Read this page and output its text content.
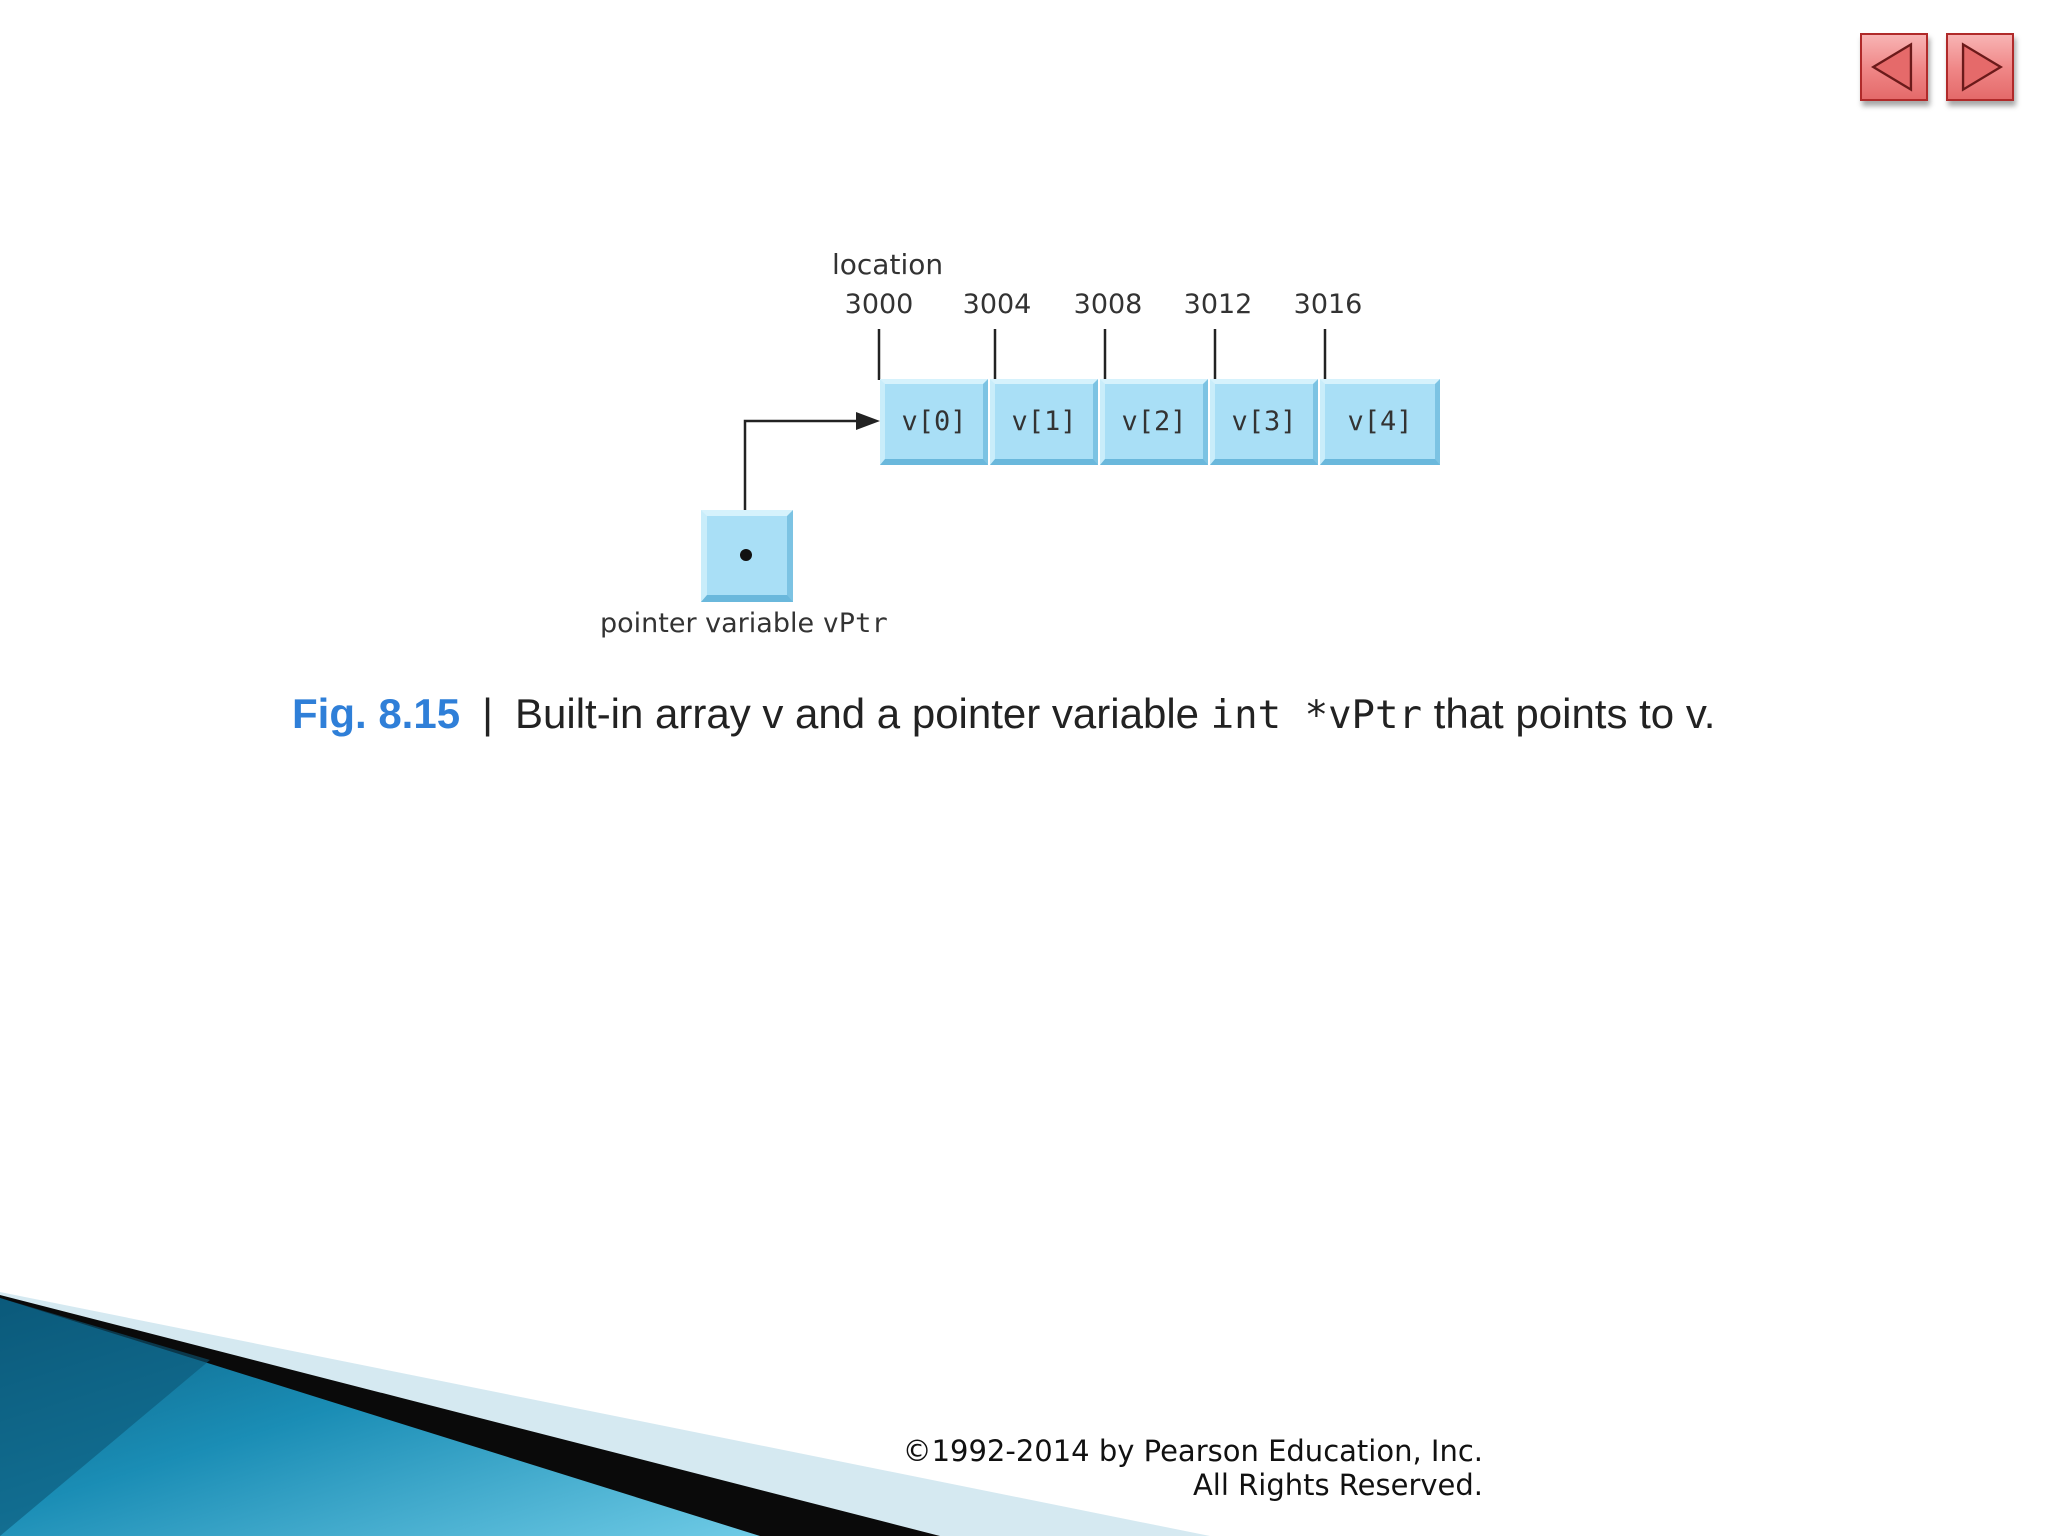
location
3000	3004	3008	3012	3016
v[0] v[1] v[2] v[3] v[4]
pointer variable vPtr
Fig. 8.15 | Built-in array v and a pointer variable int *vPtr that points to v.
©1992-2014 by Pearson Education, Inc.
All Rights Reserved.
